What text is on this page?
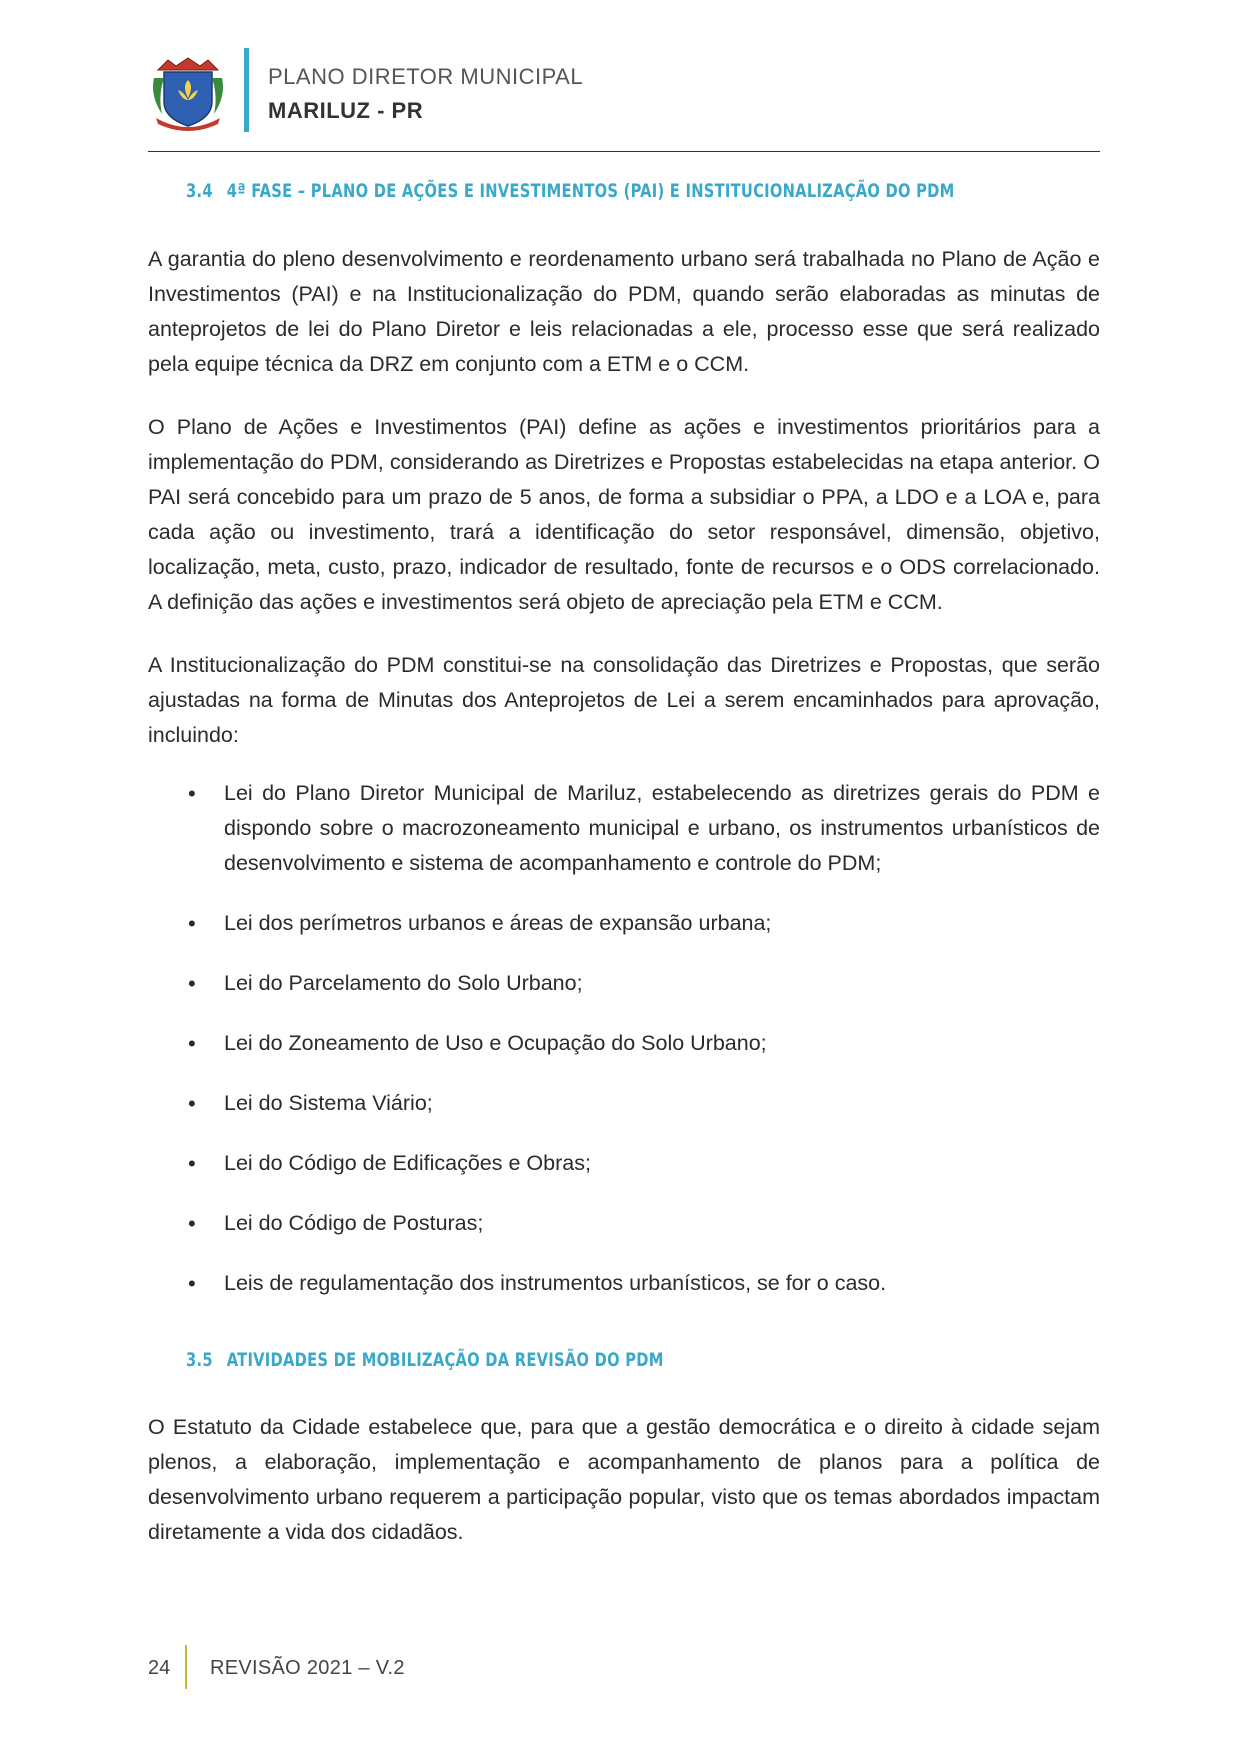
PLANO DIRETOR MUNICIPAL
MARILUZ - PR
3.4 4ª FASE – PLANO DE AÇÕES E INVESTIMENTOS (PAI) E INSTITUCIONALIZAÇÃO DO PDM

A garantia do pleno desenvolvimento e reordenamento urbano será trabalhada no Plano de Ação e Investimentos (PAI) e na Institucionalização do PDM, quando serão elaboradas as minutas de anteprojetos de lei do Plano Diretor e leis relacionadas a ele, processo esse que será realizado pela equipe técnica da DRZ em conjunto com a ETM e o CCM.

O Plano de Ações e Investimentos (PAI) define as ações e investimentos prioritários para a implementação do PDM, considerando as Diretrizes e Propostas estabelecidas na etapa anterior. O PAI será concebido para um prazo de 5 anos, de forma a subsidiar o PPA, a LDO e a LOA e, para cada ação ou investimento, trará a identificação do setor responsável, dimensão, objetivo, localização, meta, custo, prazo, indicador de resultado, fonte de recursos e o ODS correlacionado. A definição das ações e investimentos será objeto de apreciação pela ETM e CCM.

A Institucionalização do PDM constitui-se na consolidação das Diretrizes e Propostas, que serão ajustadas na forma de Minutas dos Anteprojetos de Lei a serem encaminhados para aprovação, incluindo:

• Lei do Plano Diretor Municipal de Mariluz, estabelecendo as diretrizes gerais do PDM e dispondo sobre o macrozoneamento municipal e urbano, os instrumentos urbanísticos de desenvolvimento e sistema de acompanhamento e controle do PDM;
• Lei dos perímetros urbanos e áreas de expansão urbana;
• Lei do Parcelamento do Solo Urbano;
• Lei do Zoneamento de Uso e Ocupação do Solo Urbano;
• Lei do Sistema Viário;
• Lei do Código de Edificações e Obras;
• Lei do Código de Posturas;
• Leis de regulamentação dos instrumentos urbanísticos, se for o caso.
3.5 ATIVIDADES DE MOBILIZAÇÃO DA REVISÃO DO PDM

O Estatuto da Cidade estabelece que, para que a gestão democrática e o direito à cidade sejam plenos, a elaboração, implementação e acompanhamento de planos para a política de desenvolvimento urbano requerem a participação popular, visto que os temas abordados impactam diretamente a vida dos cidadãos.

24 REVISÃO 2021 – V.2
